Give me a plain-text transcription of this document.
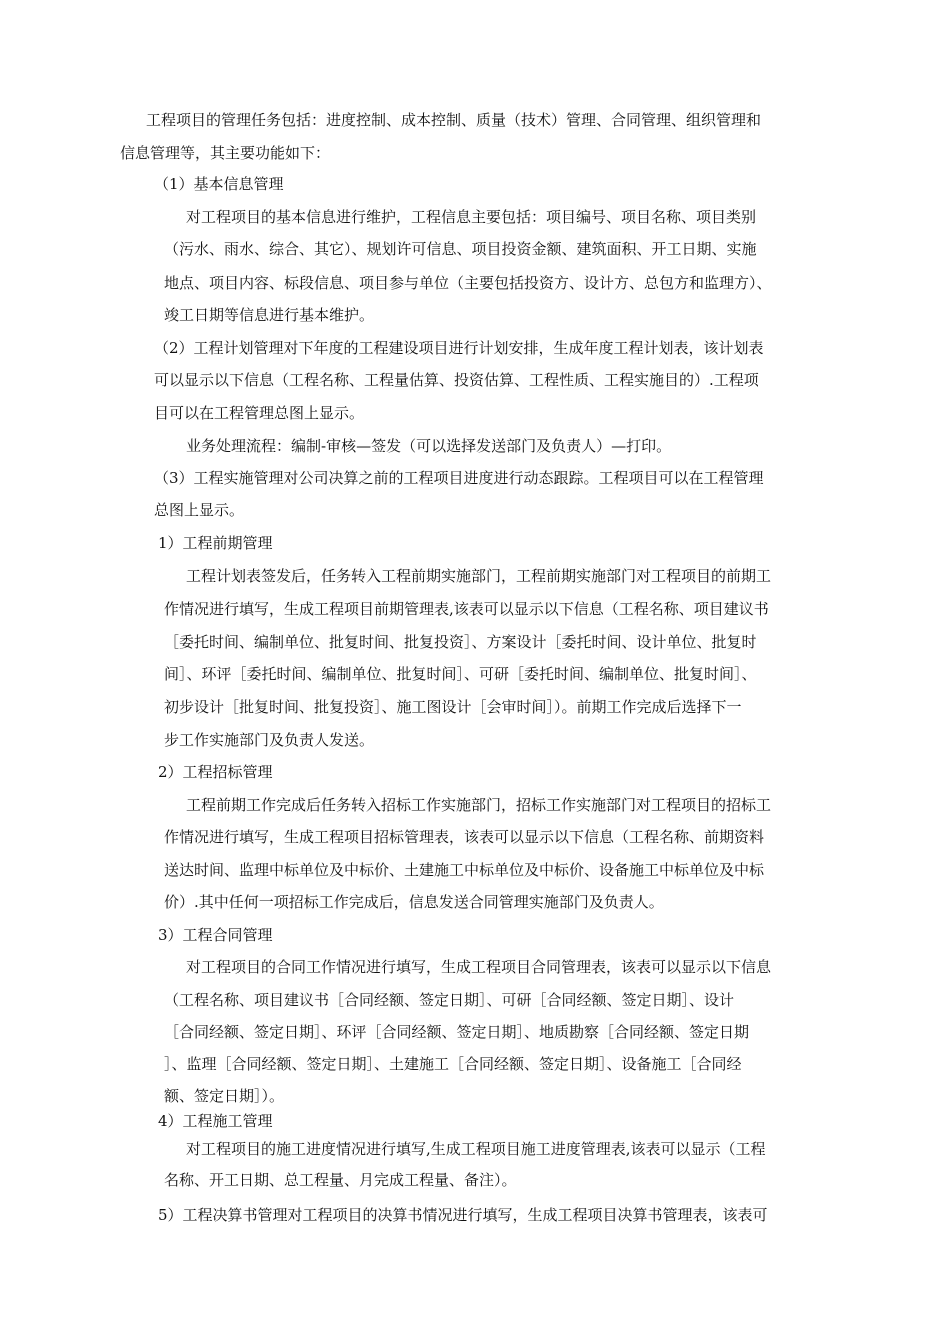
工程项目的管理任务包括：进度控制、成本控制、质量（技术）管理、合同管理、组织管理和

信息管理等，其主要功能如下：

（1）基本信息管理

对工程项目的基本信息进行维护，工程信息主要包括：项目编号、项目名称、项目类别

（污水、雨水、综合、其它）、规划许可信息、项目投资金额、建筑面积、开工日期、实施

地点、项目内容、标段信息、项目参与单位（主要包括投资方、设计方、总包方和监理方）、

竣工日期等信息进行基本维护。

（2）工程计划管理对下年度的工程建设项目进行计划安排，生成年度工程计划表，该计划表

可以显示以下信息（工程名称、工程量估算、投资估算、工程性质、工程实施目的）.工程项

目可以在工程管理总图上显示。

业务处理流程：编制-审核—签发（可以选择发送部门及负责人）—打印。

（3）工程实施管理对公司决算之前的工程项目进度进行动态跟踪。工程项目可以在工程管理

总图上显示。

1）工程前期管理

工程计划表签发后，任务转入工程前期实施部门，工程前期实施部门对工程项目的前期工

作情况进行填写，生成工程项目前期管理表,该表可以显示以下信息（工程名称、项目建议书

［委托时间、编制单位、批复时间、批复投资］、方案设计［委托时间、设计单位、批复时

间］、环评［委托时间、编制单位、批复时间］、可研［委托时间、编制单位、批复时间］、

初步设计［批复时间、批复投资］、施工图设计［会审时间］）。前期工作完成后选择下一

步工作实施部门及负责人发送。

2）工程招标管理

工程前期工作完成后任务转入招标工作实施部门，招标工作实施部门对工程项目的招标工

作情况进行填写，生成工程项目招标管理表，该表可以显示以下信息（工程名称、前期资料

送达时间、监理中标单位及中标价、土建施工中标单位及中标价、设备施工中标单位及中标

价）.其中任何一项招标工作完成后，信息发送合同管理实施部门及负责人。

3）工程合同管理

对工程项目的合同工作情况进行填写，生成工程项目合同管理表，该表可以显示以下信息

（工程名称、项目建议书［合同经额、签定日期］、可研［合同经额、签定日期］、设计

［合同经额、签定日期］、环评［合同经额、签定日期］、地质勘察［合同经额、签定日期

］、监理［合同经额、签定日期］、土建施工［合同经额、签定日期］、设备施工［合同经

额、签定日期］）。

4）工程施工管理

对工程项目的施工进度情况进行填写,生成工程项目施工进度管理表,该表可以显示（工程

名称、开工日期、总工程量、月完成工程量、备注）。

5）工程决算书管理对工程项目的决算书情况进行填写，生成工程项目决算书管理表，该表可
